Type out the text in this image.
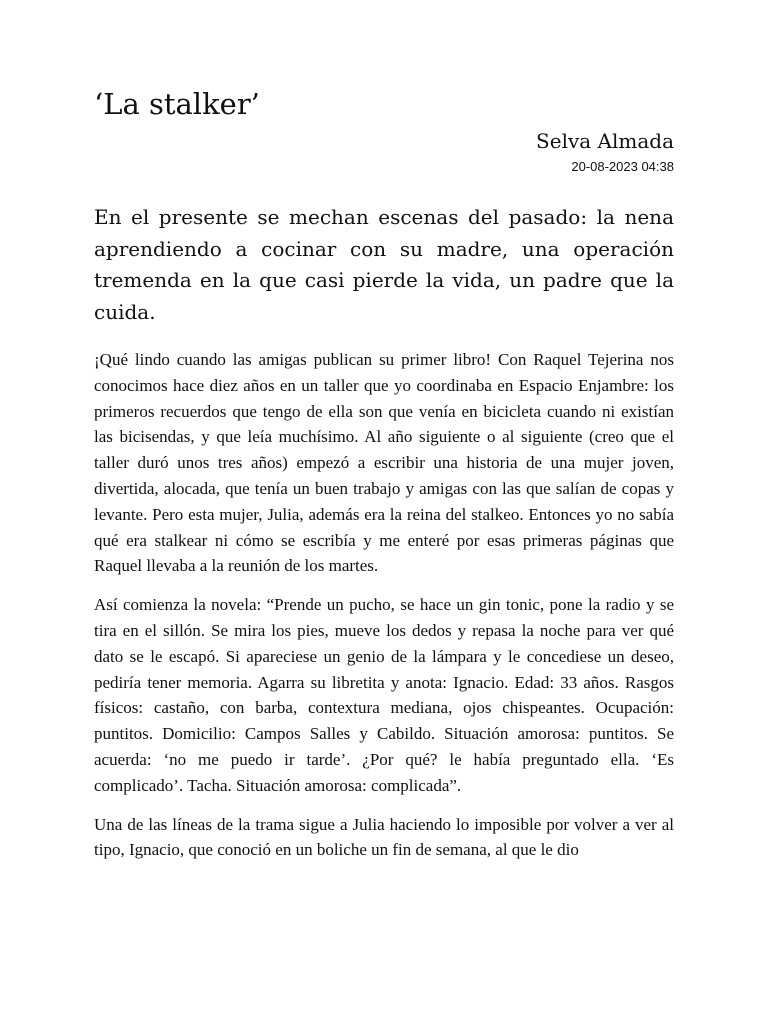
‘La stalker’
Selva Almada
20-08-2023 04:38

En el presente se mechan escenas del pasado: la nena aprendiendo a cocinar con su madre, una operación tremenda en la que casi pierde la vida, un padre que la cuida.

¡Qué lindo cuando las amigas publican su primer libro! Con Raquel Tejerina nos conocimos hace diez años en un taller que yo coordinaba en Espacio Enjambre: los primeros recuerdos que tengo de ella son que venía en bicicleta cuando ni existían las bicisendas, y que leía muchísimo. Al año siguiente o al siguiente (creo que el taller duró unos tres años) empezó a escribir una historia de una mujer joven, divertida, alocada, que tenía un buen trabajo y amigas con las que salían de copas y levante. Pero esta mujer, Julia, además era la reina del stalkeo. Entonces yo no sabía qué era stalkear ni cómo se escribía y me enteré por esas primeras páginas que Raquel llevaba a la reunión de los martes.

Así comienza la novela: “Prende un pucho, se hace un gin tonic, pone la radio y se tira en el sillón. Se mira los pies, mueve los dedos y repasa la noche para ver qué dato se le escapó. Si apareciese un genio de la lámpara y le concediese un deseo, pediría tener memoria. Agarra su libretita y anota: Ignacio. Edad: 33 años. Rasgos físicos: castaño, con barba, contextura mediana, ojos chispeantes. Ocupación: puntitos. Domicilio: Campos Salles y Cabildo. Situación amorosa: puntitos. Se acuerda: ‘no me puedo ir tarde’. ¿Por qué? le había preguntado ella. ‘Es complicado’. Tacha. Situación amorosa: complicada”.

Una de las líneas de la trama sigue a Julia haciendo lo imposible por volver a ver al tipo, Ignacio, que conoció en un boliche un fin de semana, al que le dio
